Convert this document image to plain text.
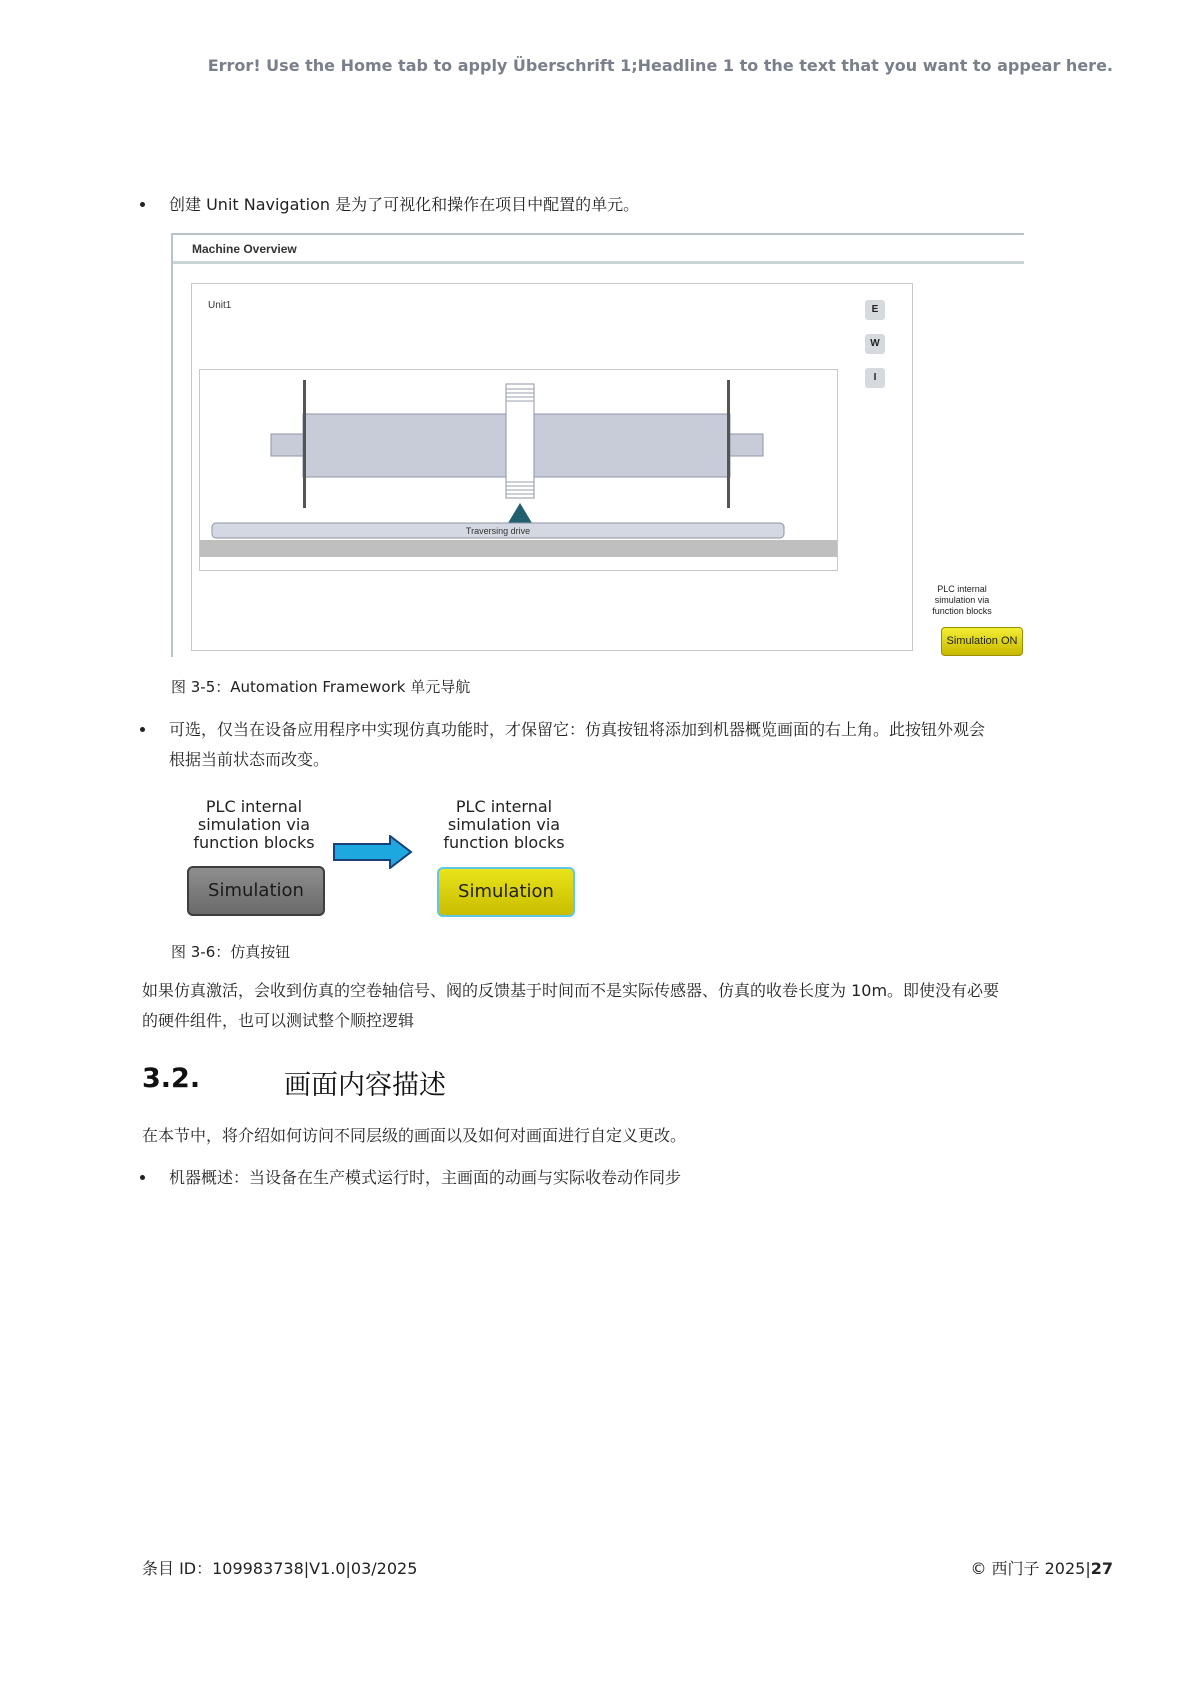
Error! Use the Home tab to apply Überschrift 1;Headline 1 to the text that you want to appear here.
创建 Unit Navigation 是为了可视化和操作在项目中配置的单元。
Machine Overview
Unit1	E
W
I
Traversing drive
PLC internal
simulation via
function blocks
Simulation ON
图 3-5：Automation Framework 单元导航
可选，仅当在设备应用程序中实现仿真功能时，才保留它：仿真按钮将添加到机器概览画面的右上角。此按钮外观会
根据当前状态而改变。
PLC internal
simulation via
function blocks
Simulation
PLC internal
simulation via
function blocks
Simulation
图 3-6：仿真按钮
如果仿真激活，会收到仿真的空卷轴信号、阀的反馈基于时间而不是实际传感器、仿真的收卷长度为 10m。即使没有必要
的硬件组件，也可以测试整个顺控逻辑
3.2.	画面内容描述
在本节中，将介绍如何访问不同层级的画面以及如何对画面进行自定义更改。
机器概述：当设备在生产模式运行时，主画面的动画与实际收卷动作同步
条目 ID：109983738|V1.0|03/2025	© 西门子 2025|27
